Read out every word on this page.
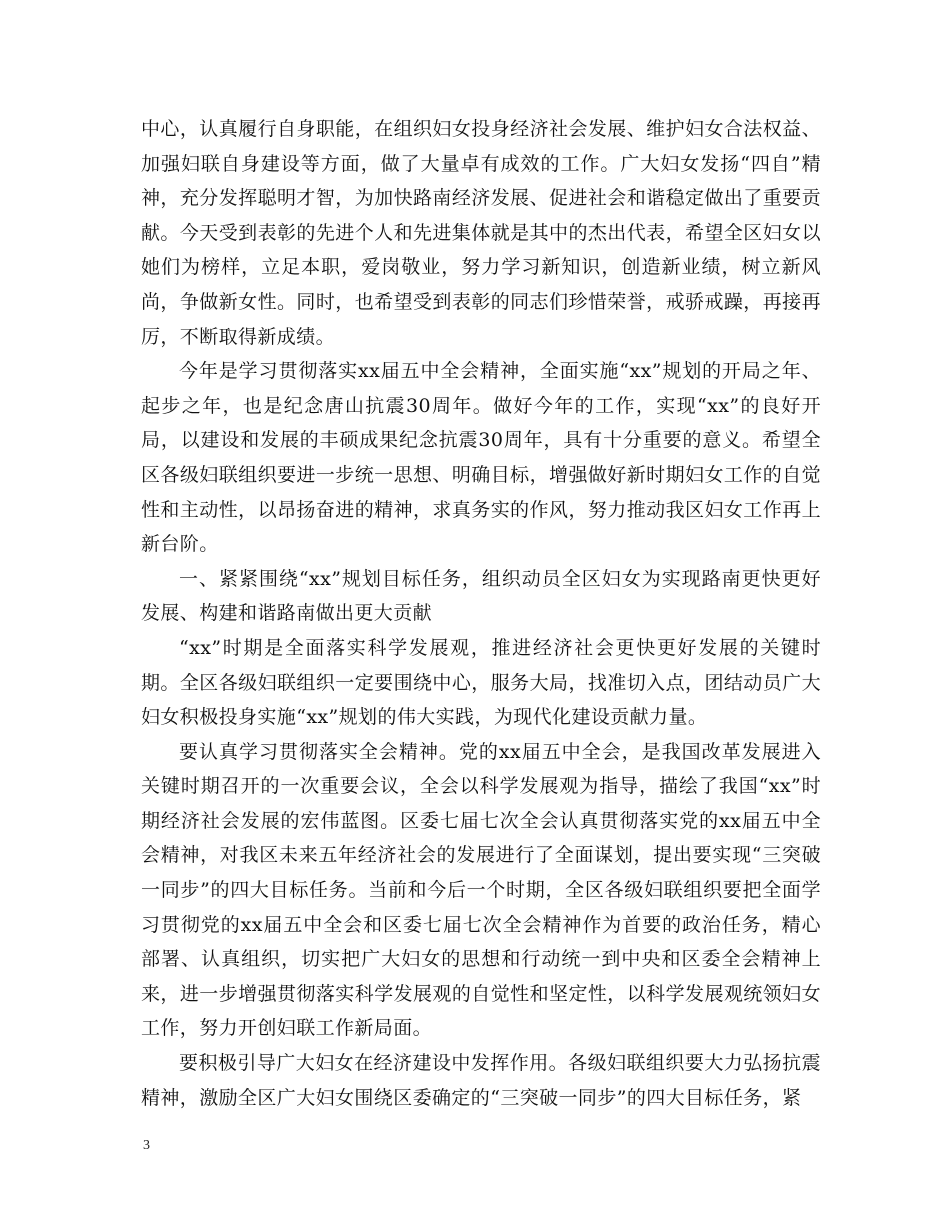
中心，认真履行自身职能，在组织妇女投身经济社会发展、维护妇女合法权益、加强妇联自身建设等方面，做了大量卓有成效的工作。广大妇女发扬“四自”精神，充分发挥聪明才智，为加快路南经济发展、促进社会和谐稳定做出了重要贡献。今天受到表彰的先进个人和先进集体就是其中的杰出代表，希望全区妇女以她们为榜样，立足本职，爱岗敬业，努力学习新知识，创造新业绩，树立新风尚，争做新女性。同时，也希望受到表彰的同志们珍惜荣誉，戒骄戒躁，再接再厉，不断取得新成绩。

今年是学习贯彻落实xx届五中全会精神，全面实施“xx”规划的开局之年、起步之年，也是纪念唐山抗震30周年。做好今年的工作，实现“xx”的良好开局，以建设和发展的丰硕成果纪念抗震30周年，具有十分重要的意义。希望全区各级妇联组织要进一步统一思想、明确目标，增强做好新时期妇女工作的自觉性和主动性，以昂扬奋进的精神，求真务实的作风，努力推动我区妇女工作再上新台阶。

一、紧紧围绕“xx”规划目标任务，组织动员全区妇女为实现路南更快更好发展、构建和谐路南做出更大贡献

“xx”时期是全面落实科学发展观，推进经济社会更快更好发展的关键时期。全区各级妇联组织一定要围绕中心，服务大局，找准切入点，团结动员广大妇女积极投身实施“xx”规划的伟大实践，为现代化建设贡献力量。

要认真学习贯彻落实全会精神。党的xx届五中全会，是我国改革发展进入关键时期召开的一次重要会议，全会以科学发展观为指导，描绘了我国“xx”时期经济社会发展的宏伟蓝图。区委七届七次全会认真贯彻落实党的xx届五中全会精神，对我区未来五年经济社会的发展进行了全面谋划，提出要实现“三突破一同步”的四大目标任务。当前和今后一个时期，全区各级妇联组织要把全面学习贯彻党的xx届五中全会和区委七届七次全会精神作为首要的政治任务，精心部署、认真组织，切实把广大妇女的思想和行动统一到中央和区委全会精神上来，进一步增强贯彻落实科学发展观的自觉性和坚定性，以科学发展观统领妇女工作，努力开创妇联工作新局面。

要积极引导广大妇女在经济建设中发挥作用。各级妇联组织要大力弘扬抗震精神，激励全区广大妇女围绕区委确定的“三突破一同步”的四大目标任务，紧

3
